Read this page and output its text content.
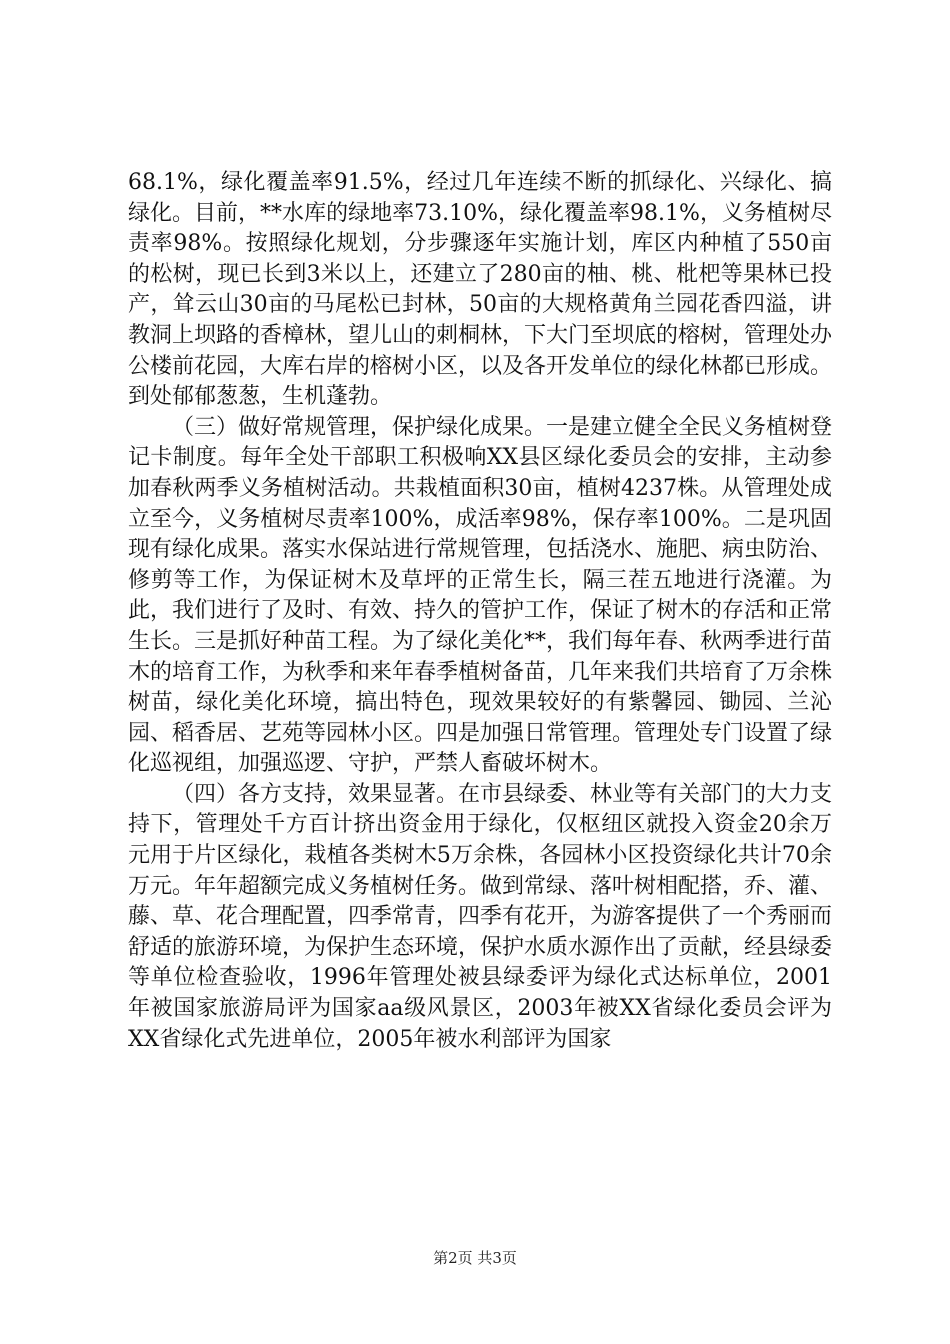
68.1%，绿化覆盖率91.5%，经过几年连续不断的抓绿化、兴绿化、搞绿化。目前，**水库的绿地率73.10%，绿化覆盖率98.1%，义务植树尽责率98%。按照绿化规划，分步骤逐年实施计划，库区内种植了550亩的松树，现已长到3米以上，还建立了280亩的柚、桃、枇杷等果林已投产，耸云山30亩的马尾松已封林，50亩的大规格黄角兰园花香四溢，讲教洞上坝路的香樟林，望儿山的刺桐林，下大门至坝底的榕树，管理处办公楼前花园，大库右岸的榕树小区，以及各开发单位的绿化林都已形成。到处郁郁葱葱，生机蓬勃。

（三）做好常规管理，保护绿化成果。一是建立健全全民义务植树登记卡制度。每年全处干部职工积极响XX县区绿化委员会的安排，主动参加春秋两季义务植树活动。共栽植面积30亩，植树4237株。从管理处成立至今，义务植树尽责率100%，成活率98%，保存率100%。二是巩固现有绿化成果。落实水保站进行常规管理，包括浇水、施肥、病虫防治、修剪等工作，为保证树木及草坪的正常生长，隔三茬五地进行浇灌。为此，我们进行了及时、有效、持久的管护工作，保证了树木的存活和正常生长。三是抓好种苗工程。为了绿化美化**，我们每年春、秋两季进行苗木的培育工作，为秋季和来年春季植树备苗，几年来我们共培育了万余株树苗，绿化美化环境，搞出特色，现效果较好的有紫馨园、锄园、兰沁园、稻香居、艺苑等园林小区。四是加强日常管理。管理处专门设置了绿化巡视组，加强巡逻、守护，严禁人畜破坏树木。

（四）各方支持，效果显著。在市县绿委、林业等有关部门的大力支持下，管理处千方百计挤出资金用于绿化，仅枢纽区就投入资金20余万元用于片区绿化，栽植各类树木5万余株，各园林小区投资绿化共计70余万元。年年超额完成义务植树任务。做到常绿、落叶树相配搭，乔、灌、藤、草、花合理配置，四季常青，四季有花开，为游客提供了一个秀丽而舒适的旅游环境，为保护生态环境，保护水质水源作出了贡献，经县绿委等单位检查验收，1996年管理处被县绿委评为绿化式达标单位，2001年被国家旅游局评为国家aa级风景区，2003年被XX省绿化委员会评为XX省绿化式先进单位，2005年被水利部评为国家

第2页 共3页
